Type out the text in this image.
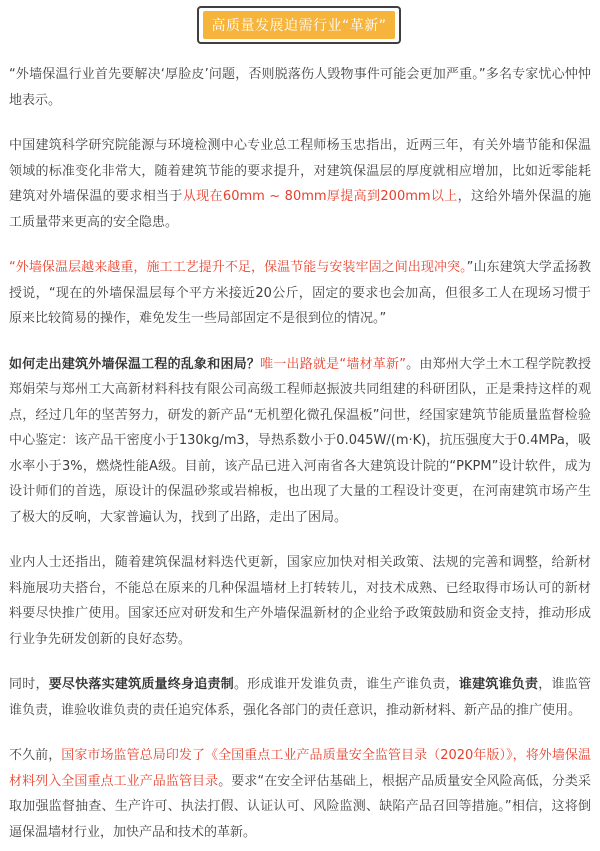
高质量发展迫需行业“革新”

“外墙保温行业首先要解决‘厚脸皮’问题，否则脱落伤人毁物事件可能会更加严重。”多名专家忧心忡忡地表示。

中国建筑科学研究院能源与环境检测中心专业总工程师杨玉忠指出，近两三年，有关外墙节能和保温领域的标准变化非常大，随着建筑节能的要求提升，对建筑保温层的厚度就相应增加，比如近零能耗建筑对外墙保温的要求相当于从现在60mm ~ 80mm厚提高到200mm以上，这给外墙外保温的施工质量带来更高的安全隐患。

“外墙保温层越来越重，施工工艺提升不足，保温节能与安装牢固之间出现冲突。”山东建筑大学孟扬教授说，“现在的外墙保温层每个平方米接近20公斤，固定的要求也会加高，但很多工人在现场习惯于原来比较简易的操作，难免发生一些局部固定不是很到位的情况。”

如何走出建筑外墙保温工程的乱象和困局？唯一出路就是“墙材革新”。由郑州大学土木工程学院教授郑娟荣与郑州工大高新材料科技有限公司高级工程师赵振波共同组建的科研团队，正是秉持这样的观点，经过几年的坚苦努力，研发的新产品“无机塑化微孔保温板”问世，经国家建筑节能质量监督检验中心鉴定：该产品干密度小于130kg/m3，导热系数小于0.045W/(m·K)，抗压强度大于0.4MPa，吸水率小于3%，燃烧性能A级。目前，该产品已进入河南省各大建筑设计院的“PKPM”设计软件，成为设计师们的首选，原设计的保温砂浆或岩棉板，也出现了大量的工程设计变更，在河南建筑市场产生了极大的反响，大家普遍认为，找到了出路，走出了困局。

业内人士还指出，随着建筑保温材料迭代更新，国家应加快对相关政策、法规的完善和调整，给新材料施展功夫搭台，不能总在原来的几种保温墙材上打转转儿，对技术成熟、已经取得市场认可的新材料要尽快推广使用。国家还应对研发和生产外墙保温新材的企业给予政策鼓励和资金支持，推动形成行业争先研发创新的良好态势。

同时，要尽快落实建筑质量终身追责制。形成谁开发谁负责，谁生产谁负责，谁建筑谁负责，谁监管谁负责，谁验收谁负责的责任追究体系，强化各部门的责任意识，推动新材料、新产品的推广使用。

不久前，国家市场监管总局印发了《全国重点工业产品质量安全监管目录（2020年版）》，将外墙保温材料列入全国重点工业产品监管目录。要求“在安全评估基础上，根据产品质量安全风险高低，分类采取加强监督抽查、生产许可、执法打假、认证认可、风险监测、缺陷产品召回等措施。”相信，这将倒逼保温墙材行业，加快产品和技术的革新。
